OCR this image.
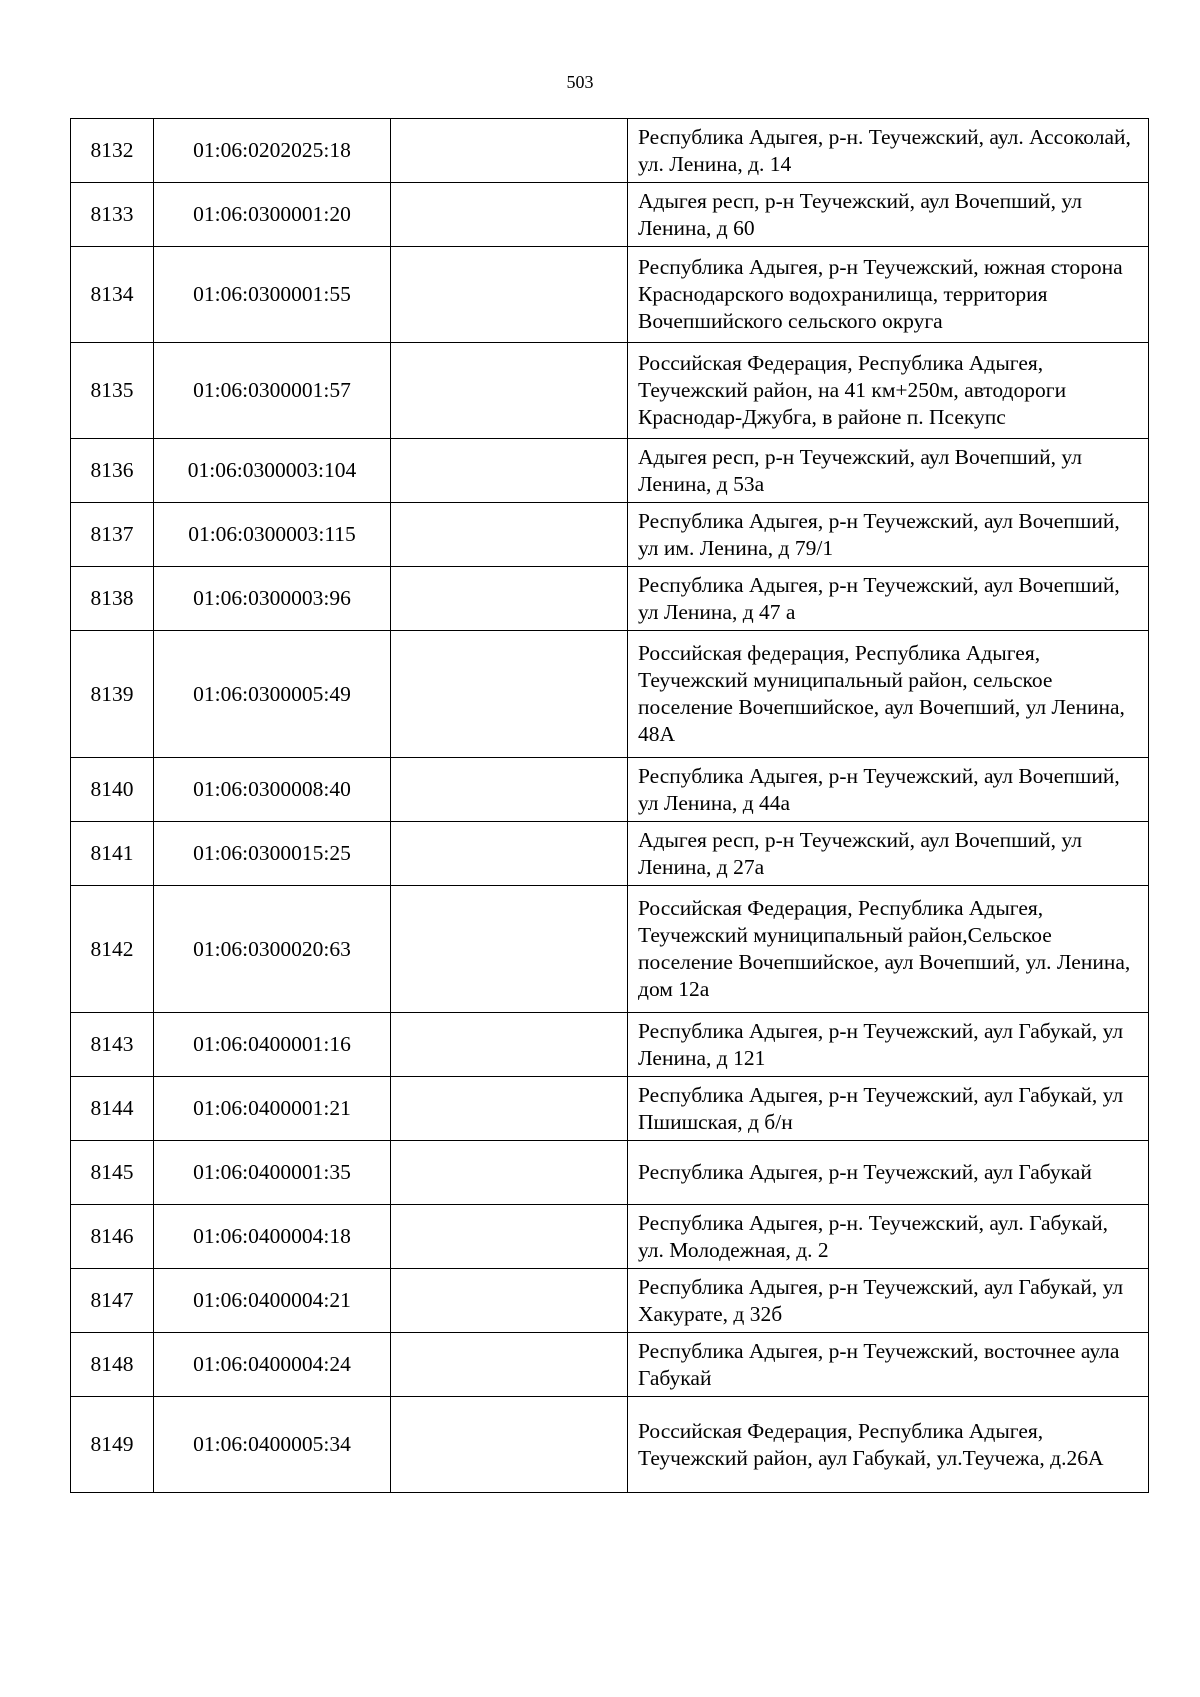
503
8132	01:06:0202025:18		Республика Адыгея, р-н. Теучежский, аул. Ассоколай, ул. Ленина, д. 14
8133	01:06:0300001:20		Адыгея респ, р-н Теучежский, аул Вочепший, ул Ленина, д 60
8134	01:06:0300001:55		Республика Адыгея, р-н Теучежский, южная сторона Краснодарского водохранилища, территория Вочепшийского сельского округа
8135	01:06:0300001:57		Российская Федерация, Республика Адыгея, Теучежский район, на 41 км+250м, автодороги Краснодар-Джубга, в районе п. Псекупс
8136	01:06:0300003:104		Адыгея респ, р-н Теучежский, аул Вочепший, ул Ленина, д 53а
8137	01:06:0300003:115		Республика Адыгея, р-н Теучежский, аул Вочепший, ул им. Ленина, д 79/1
8138	01:06:0300003:96		Республика Адыгея, р-н Теучежский, аул Вочепший, ул Ленина, д 47 а
8139	01:06:0300005:49		Российская федерация, Республика Адыгея, Теучежский муниципальный район, сельское поселение Вочепшийское, аул Вочепший, ул Ленина, 48А
8140	01:06:0300008:40		Республика Адыгея, р-н Теучежский, аул Вочепший, ул Ленина, д 44а
8141	01:06:0300015:25		Адыгея респ, р-н Теучежский, аул Вочепший, ул Ленина, д 27а
8142	01:06:0300020:63		Российская Федерация, Республика Адыгея, Теучежский муниципальный район,Сельское поселение Вочепшийское, аул Вочепший, ул. Ленина, дом 12а
8143	01:06:0400001:16		Республика Адыгея, р-н Теучежский, аул Габукай, ул Ленина, д 121
8144	01:06:0400001:21		Республика Адыгея, р-н Теучежский, аул Габукай, ул Пшишская, д б/н
8145	01:06:0400001:35		Республика Адыгея, р-н Теучежский, аул Габукай
8146	01:06:0400004:18		Республика Адыгея, р-н. Теучежский, аул. Габукай, ул. Молодежная, д. 2
8147	01:06:0400004:21		Республика Адыгея, р-н Теучежский, аул Габукай, ул Хакурате, д 32б
8148	01:06:0400004:24		Республика Адыгея, р-н Теучежский, восточнее аула Габукай
8149	01:06:0400005:34		Российская Федерация, Республика Адыгея, Теучежский район, аул Габукай, ул.Теучежа, д.26А
